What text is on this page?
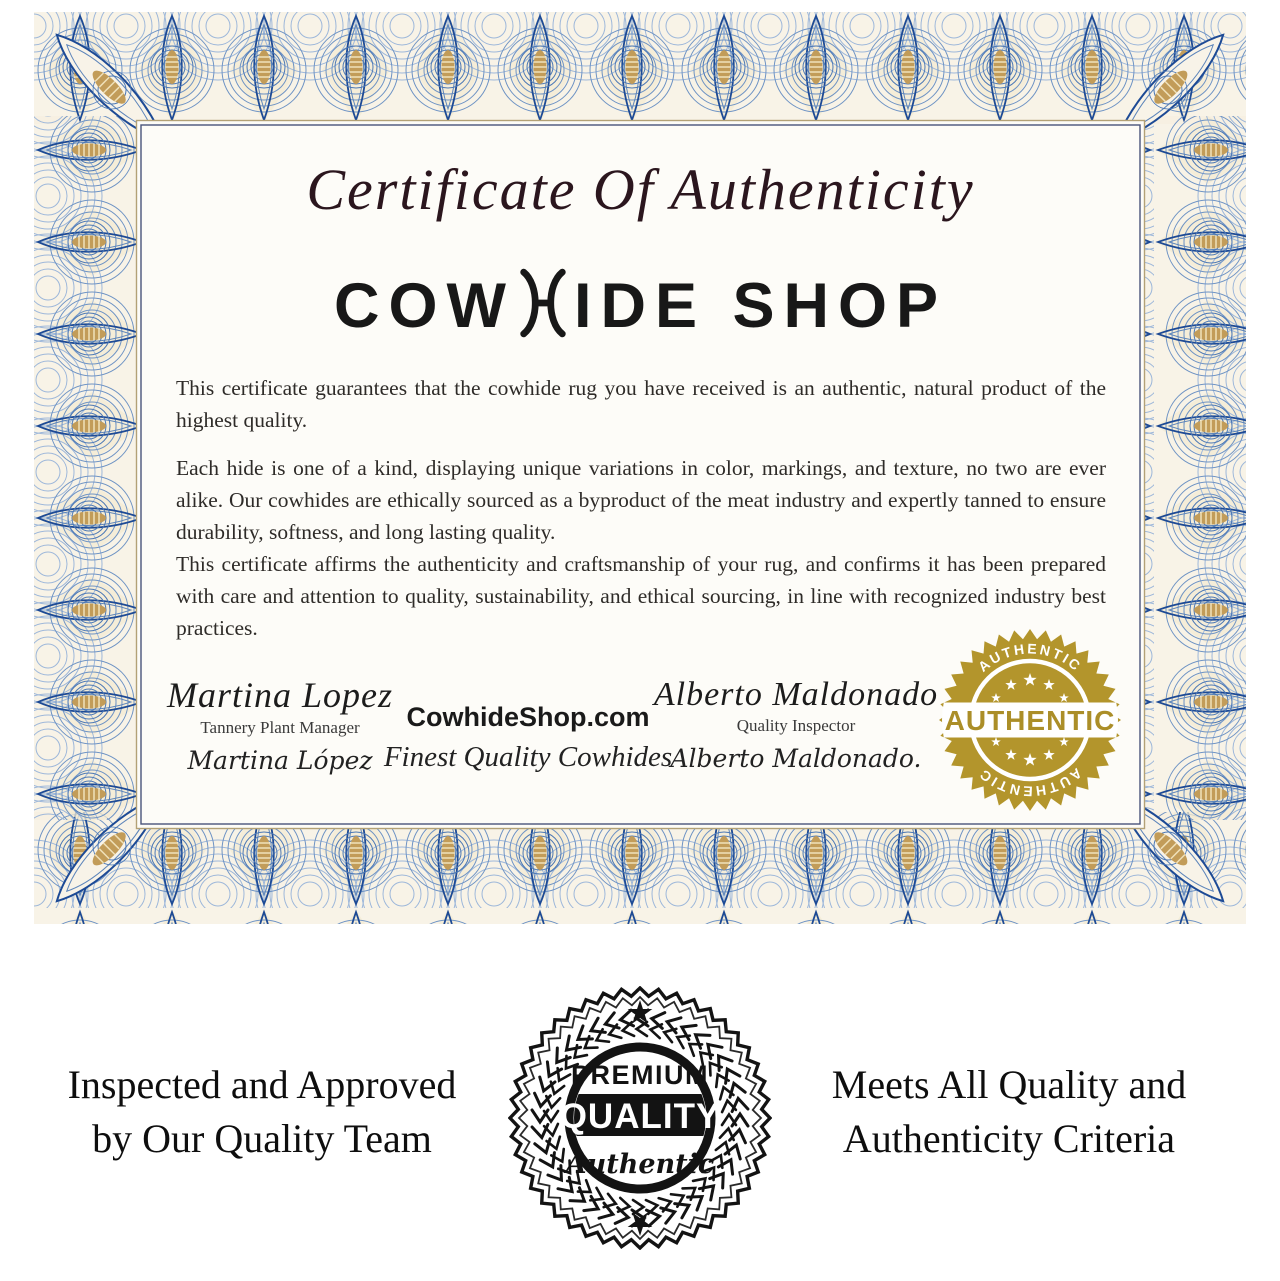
Certificate Of Authenticity
COW IDE SHOP
This certificate guarantees that the cowhide rug you have received is an authentic, natural product of the highest quality.
Each hide is one of a kind, displaying unique variations in color, markings, and texture, no two are ever alike. Our cowhides are ethically sourced as a byproduct of the meat industry and expertly tanned to ensure durability, softness, and long lasting quality.
This certificate affirms the authenticity and craftsmanship of your rug, and confirms it has been prepared with care and attention to quality, sustainability, and ethical sourcing, in line with recognized industry best practices.
Martina Lopez
Tannery Plant Manager
Martina López
CowhideShop.com
Finest Quality Cowhides
Alberto Maldonado
Quality Inspector
Alberto Maldonado.
AUTHENTIC
AUTHENTIC
AUTHENTIC
Inspected and Approved
by Our Quality Team
Meets All Quality and
Authenticity Criteria
PREMIUM
QUALITY
Authentic
